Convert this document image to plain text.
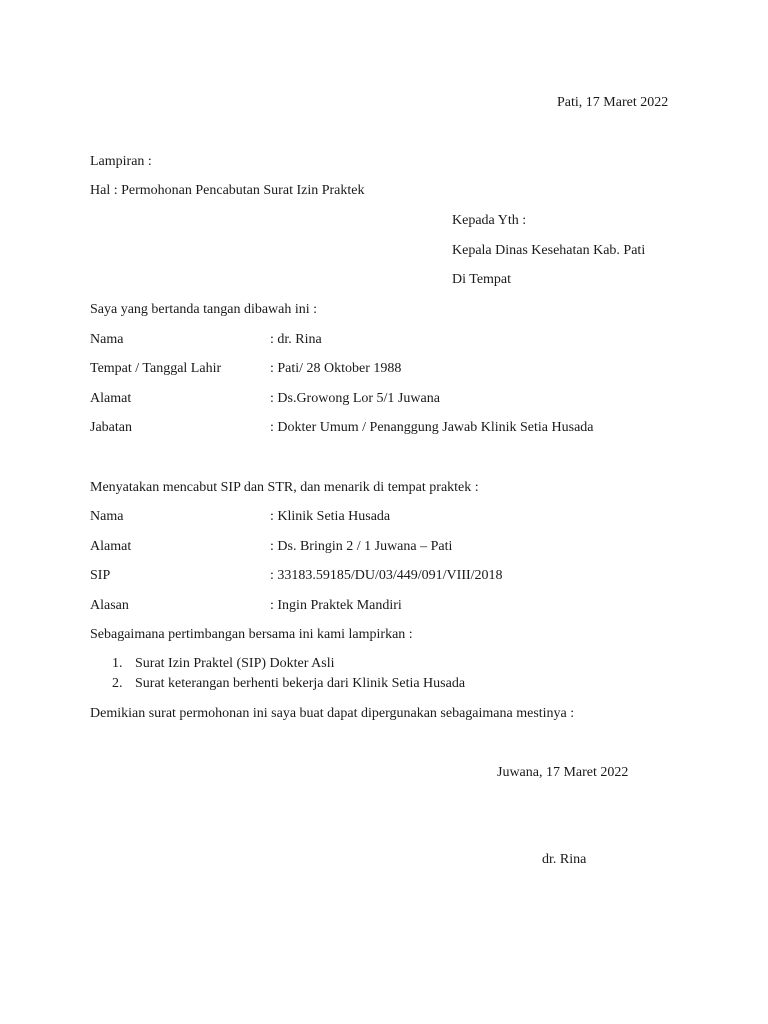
Pati, 17 Maret 2022
Lampiran :
Hal : Permohonan Pencabutan Surat Izin Praktek
Kepada Yth :
Kepala Dinas Kesehatan Kab. Pati
Di Tempat
Saya yang bertanda tangan dibawah ini :
Nama	: dr. Rina
Tempat / Tanggal Lahir	: Pati/ 28 Oktober 1988
Alamat	: Ds.Growong Lor 5/1 Juwana
Jabatan	: Dokter Umum / Penanggung Jawab Klinik Setia Husada
Menyatakan mencabut SIP dan STR, dan menarik di tempat praktek :
Nama	: Klinik Setia Husada
Alamat	: Ds. Bringin 2 / 1 Juwana – Pati
SIP	: 33183.59185/DU/03/449/091/VIII/2018
Alasan	: Ingin Praktek Mandiri
Sebagaimana pertimbangan bersama ini kami lampirkan :
1. Surat Izin Praktel (SIP) Dokter Asli
2. Surat keterangan berhenti bekerja dari Klinik Setia Husada
Demikian surat permohonan ini saya buat dapat dipergunakan sebagaimana mestinya :
Juwana, 17 Maret 2022
dr. Rina
